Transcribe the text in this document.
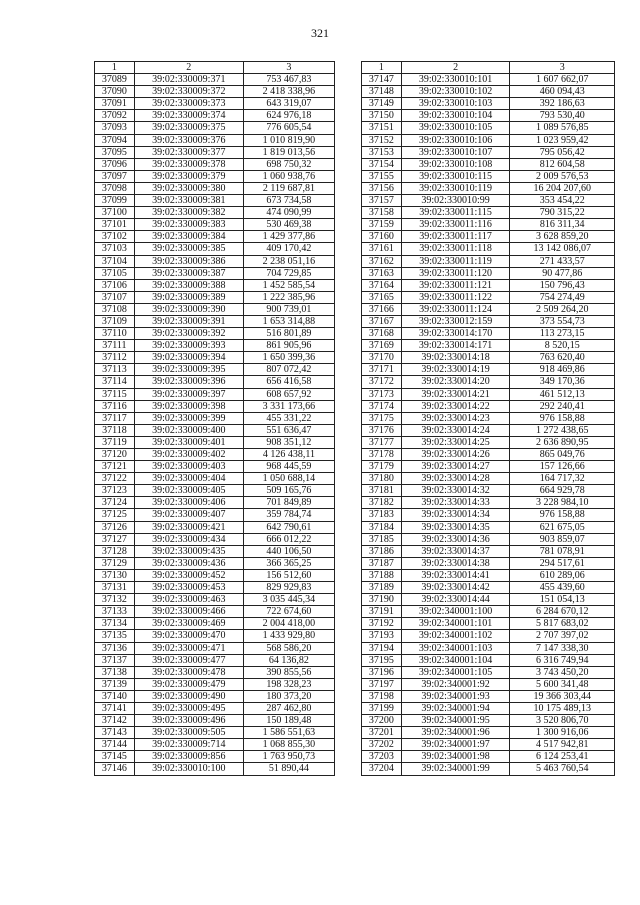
321
1	2	3
37089	39:02:330009:371	753 467,83
37090	39:02:330009:372	2 418 338,96
37091	39:02:330009:373	643 319,07
37092	39:02:330009:374	624 976,18
37093	39:02:330009:375	776 605,54
37094	39:02:330009:376	1 010 819,90
37095	39:02:330009:377	1 819 013,56
37096	39:02:330009:378	698 750,32
37097	39:02:330009:379	1 060 938,76
37098	39:02:330009:380	2 119 687,81
37099	39:02:330009:381	673 734,58
37100	39:02:330009:382	474 090,99
37101	39:02:330009:383	530 469,38
37102	39:02:330009:384	1 429 377,86
37103	39:02:330009:385	409 170,42
37104	39:02:330009:386	2 238 051,16
37105	39:02:330009:387	704 729,85
37106	39:02:330009:388	1 452 585,54
37107	39:02:330009:389	1 222 385,96
37108	39:02:330009:390	900 739,01
37109	39:02:330009:391	1 653 314,88
37110	39:02:330009:392	516 801,89
37111	39:02:330009:393	861 905,96
37112	39:02:330009:394	1 650 399,36
37113	39:02:330009:395	807 072,42
37114	39:02:330009:396	656 416,58
37115	39:02:330009:397	608 657,92
37116	39:02:330009:398	3 331 173,66
37117	39:02:330009:399	455 331,22
37118	39:02:330009:400	551 636,47
37119	39:02:330009:401	908 351,12
37120	39:02:330009:402	4 126 438,11
37121	39:02:330009:403	968 445,59
37122	39:02:330009:404	1 050 688,14
37123	39:02:330009:405	509 165,76
37124	39:02:330009:406	701 849,89
37125	39:02:330009:407	359 784,74
37126	39:02:330009:421	642 790,61
37127	39:02:330009:434	666 012,22
37128	39:02:330009:435	440 106,50
37129	39:02:330009:436	366 365,25
37130	39:02:330009:452	156 512,60
37131	39:02:330009:453	829 929,83
37132	39:02:330009:463	3 035 445,34
37133	39:02:330009:466	722 674,60
37134	39:02:330009:469	2 004 418,00
37135	39:02:330009:470	1 433 929,80
37136	39:02:330009:471	568 586,20
37137	39:02:330009:477	64 136,82
37138	39:02:330009:478	390 855,56
37139	39:02:330009:479	198 328,23
37140	39:02:330009:490	180 373,20
37141	39:02:330009:495	287 462,80
37142	39:02:330009:496	150 189,48
37143	39:02:330009:505	1 586 551,63
37144	39:02:330009:714	1 068 855,30
37145	39:02:330009:856	1 763 950,73
37146	39:02:330010:100	51 890,44
1	2	3
37147	39:02:330010:101	1 607 662,07
37148	39:02:330010:102	460 094,43
37149	39:02:330010:103	392 186,63
37150	39:02:330010:104	793 530,40
37151	39:02:330010:105	1 089 576,85
37152	39:02:330010:106	1 023 959,42
37153	39:02:330010:107	795 056,42
37154	39:02:330010:108	812 604,58
37155	39:02:330010:115	2 009 576,53
37156	39:02:330010:119	16 204 207,60
37157	39:02:330010:99	353 454,22
37158	39:02:330011:115	790 315,22
37159	39:02:330011:116	816 311,34
37160	39:02:330011:117	3 628 859,20
37161	39:02:330011:118	13 142 086,07
37162	39:02:330011:119	271 433,57
37163	39:02:330011:120	90 477,86
37164	39:02:330011:121	150 796,43
37165	39:02:330011:122	754 274,49
37166	39:02:330011:124	2 509 264,20
37167	39:02:330012:159	373 554,73
37168	39:02:330014:170	113 273,15
37169	39:02:330014:171	8 520,15
37170	39:02:330014:18	763 620,40
37171	39:02:330014:19	918 469,86
37172	39:02:330014:20	349 170,36
37173	39:02:330014:21	461 512,13
37174	39:02:330014:22	292 240,41
37175	39:02:330014:23	976 158,88
37176	39:02:330014:24	1 272 438,65
37177	39:02:330014:25	2 636 890,95
37178	39:02:330014:26	865 049,76
37179	39:02:330014:27	157 126,66
37180	39:02:330014:28	164 717,32
37181	39:02:330014:32	664 929,78
37182	39:02:330014:33	3 228 984,10
37183	39:02:330014:34	976 158,88
37184	39:02:330014:35	621 675,05
37185	39:02:330014:36	903 859,07
37186	39:02:330014:37	781 078,91
37187	39:02:330014:38	294 517,61
37188	39:02:330014:41	610 289,06
37189	39:02:330014:42	455 439,60
37190	39:02:330014:44	151 054,13
37191	39:02:340001:100	6 284 670,12
37192	39:02:340001:101	5 817 683,02
37193	39:02:340001:102	2 707 397,02
37194	39:02:340001:103	7 147 338,30
37195	39:02:340001:104	6 316 749,94
37196	39:02:340001:105	3 743 450,20
37197	39:02:340001:92	5 600 341,48
37198	39:02:340001:93	19 366 303,44
37199	39:02:340001:94	10 175 489,13
37200	39:02:340001:95	3 520 806,70
37201	39:02:340001:96	1 300 916,06
37202	39:02:340001:97	4 517 942,81
37203	39:02:340001:98	6 124 253,41
37204	39:02:340001:99	5 463 760,54
